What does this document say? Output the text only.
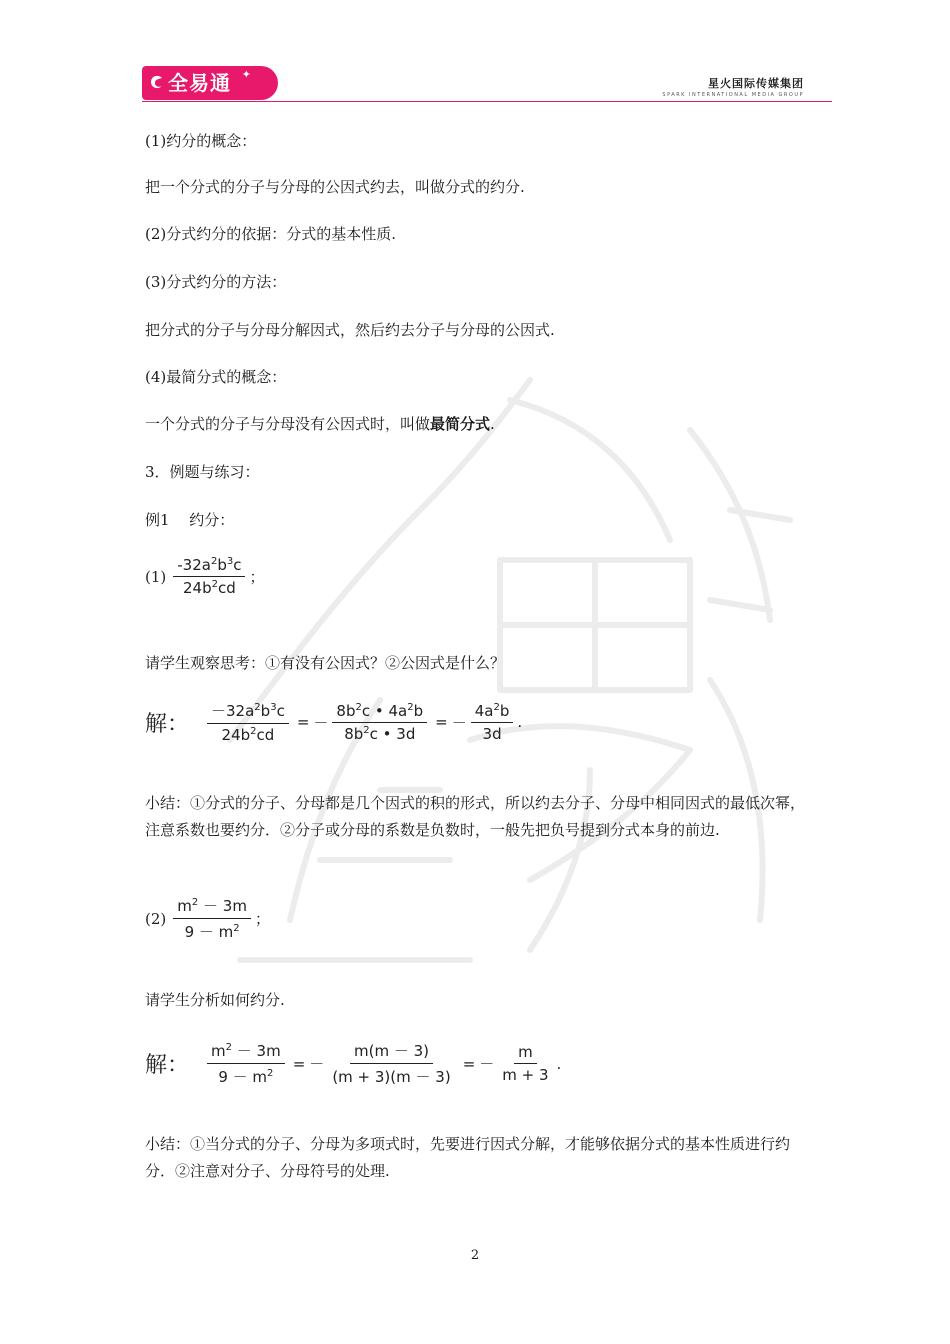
全易通
全易通 ✦
星火国际传媒集团
SPARK INTERNATIONAL MEDIA GROUP

(1)约分的概念：

把一个分式的分子与分母的公因式约去，叫做分式的约分.

(2)分式约分的依据：分式的基本性质.

(3)分式约分的方法：

把分式的分子与分母分解因式，然后约去分子与分母的公因式.

(4)最简分式的概念：

一个分式的分子与分母没有公因式时，叫做最简分式.

3．例题与练习：

例1　 约分：

$(1) \frac{-32a^2b^3c}{24b^2cd}$ ；

请学生观察思考：①有没有公因式？②公因式是什么？

解： $\frac{-32a^2b^3c}{24b^2cd}$ = － $\frac{8b^2c • 4a^2b}{8b^2c • 3d}$ = － $\frac{4a^2b}{3d}$ .

小结：①分式的分子、分母都是几个因式的积的形式，所以约去分子、分母中相同因式的最低次幂，注意系数也要约分．②分子或分母的系数是负数时，一般先把负号提到分式本身的前边.

$(2) \frac{m^2 - 3m}{9 - m^2}$ ；

请学生分析如何约分.

解： $\frac{m^2 - 3m}{9 - m^2}$ = － $\frac{m(m - 3)}{(m + 3)(m - 3)}$ = － $\frac{m}{m + 3}$ .

小结：①当分式的分子、分母为多项式时，先要进行因式分解，才能够依据分式的基本性质进行约分．②注意对分子、分母符号的处理.

2
